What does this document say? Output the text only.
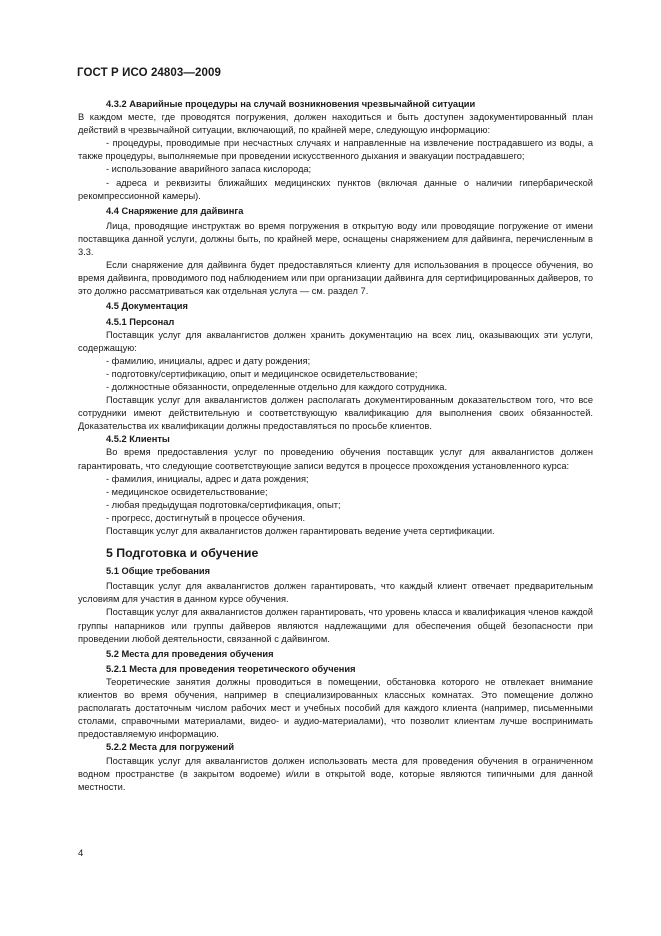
ГОСТ Р ИСО 24803—2009
4.3.2 Аварийные процедуры на случай возникновения чрезвычайной ситуации

В каждом месте, где проводятся погружения, должен находиться и быть доступен задокументированный план действий в чрезвычайной ситуации, включающий, по крайней мере, следующую информацию:

- процедуры, проводимые при несчастных случаях и направленные на извлечение пострадавшего из воды, а также процедуры, выполняемые при проведении искусственного дыхания и эвакуации пострадавшего;

- использование аварийного запаса кислорода;

- адреса и реквизиты ближайших медицинских пунктов (включая данные о наличии гипербарической рекомпрессионной камеры).

4.4 Снаряжение для дайвинга

Лица, проводящие инструктаж во время погружения в открытую воду или проводящие погружение от имени поставщика данной услуги, должны быть, по крайней мере, оснащены снаряжением для дайвинга, перечисленным в 3.3.

Если снаряжение для дайвинга будет предоставляться клиенту для использования в процессе обучения, во время дайвинга, проводимого под наблюдением или при организации дайвинга для сертифицированных дайверов, то это должно рассматриваться как отдельная услуга — см. раздел 7.

4.5 Документация
4.5.1 Персонал

Поставщик услуг для аквалангистов должен хранить документацию на всех лиц, оказывающих эти услуги, содержащую:

- фамилию, инициалы, адрес и дату рождения;

- подготовку/сертификацию, опыт и медицинское освидетельствование;

- должностные обязанности, определенные отдельно для каждого сотрудника.

Поставщик услуг для аквалангистов должен располагать документированным доказательством того, что все сотрудники имеют действительную и соответствующую квалификацию для выполнения своих обязанностей. Доказательства их квалификации должны предоставляться по просьбе клиентов.

4.5.2 Клиенты

Во время предоставления услуг по проведению обучения поставщик услуг для аквалангистов должен гарантировать, что следующие соответствующие записи ведутся в процессе прохождения установленного курса:

- фамилия, инициалы, адрес и дата рождения;

- медицинское освидетельствование;

- любая предыдущая подготовка/сертификация, опыт;

- прогресс, достигнутый в процессе обучения.

Поставщик услуг для аквалангистов должен гарантировать ведение учета сертификации.

5 Подготовка и обучение
5.1 Общие требования

Поставщик услуг для аквалангистов должен гарантировать, что каждый клиент отвечает предварительным условиям для участия в данном курсе обучения.

Поставщик услуг для аквалангистов должен гарантировать, что уровень класса и квалификация членов каждой группы напарников или группы дайверов являются надлежащими для обеспечения общей безопасности при проведении любой деятельности, связанной с дайвингом.

5.2 Места для проведения обучения
5.2.1 Места для проведения теоретического обучения

Теоретические занятия должны проводиться в помещении, обстановка которого не отвлекает внимание клиентов во время обучения, например в специализированных классных комнатах. Это помещение должно располагать достаточным числом рабочих мест и учебных пособий для каждого клиента (например, письменными столами, справочными материалами, видео- и аудио-материалами), что позволит клиентам лучше воспринимать предоставляемую информацию.

5.2.2 Места для погружений

Поставщик услуг для аквалангистов должен использовать места для проведения обучения в ограниченном водном пространстве (в закрытом водоеме) и/или в открытой воде, которые являются типичными для данной местности.

4
